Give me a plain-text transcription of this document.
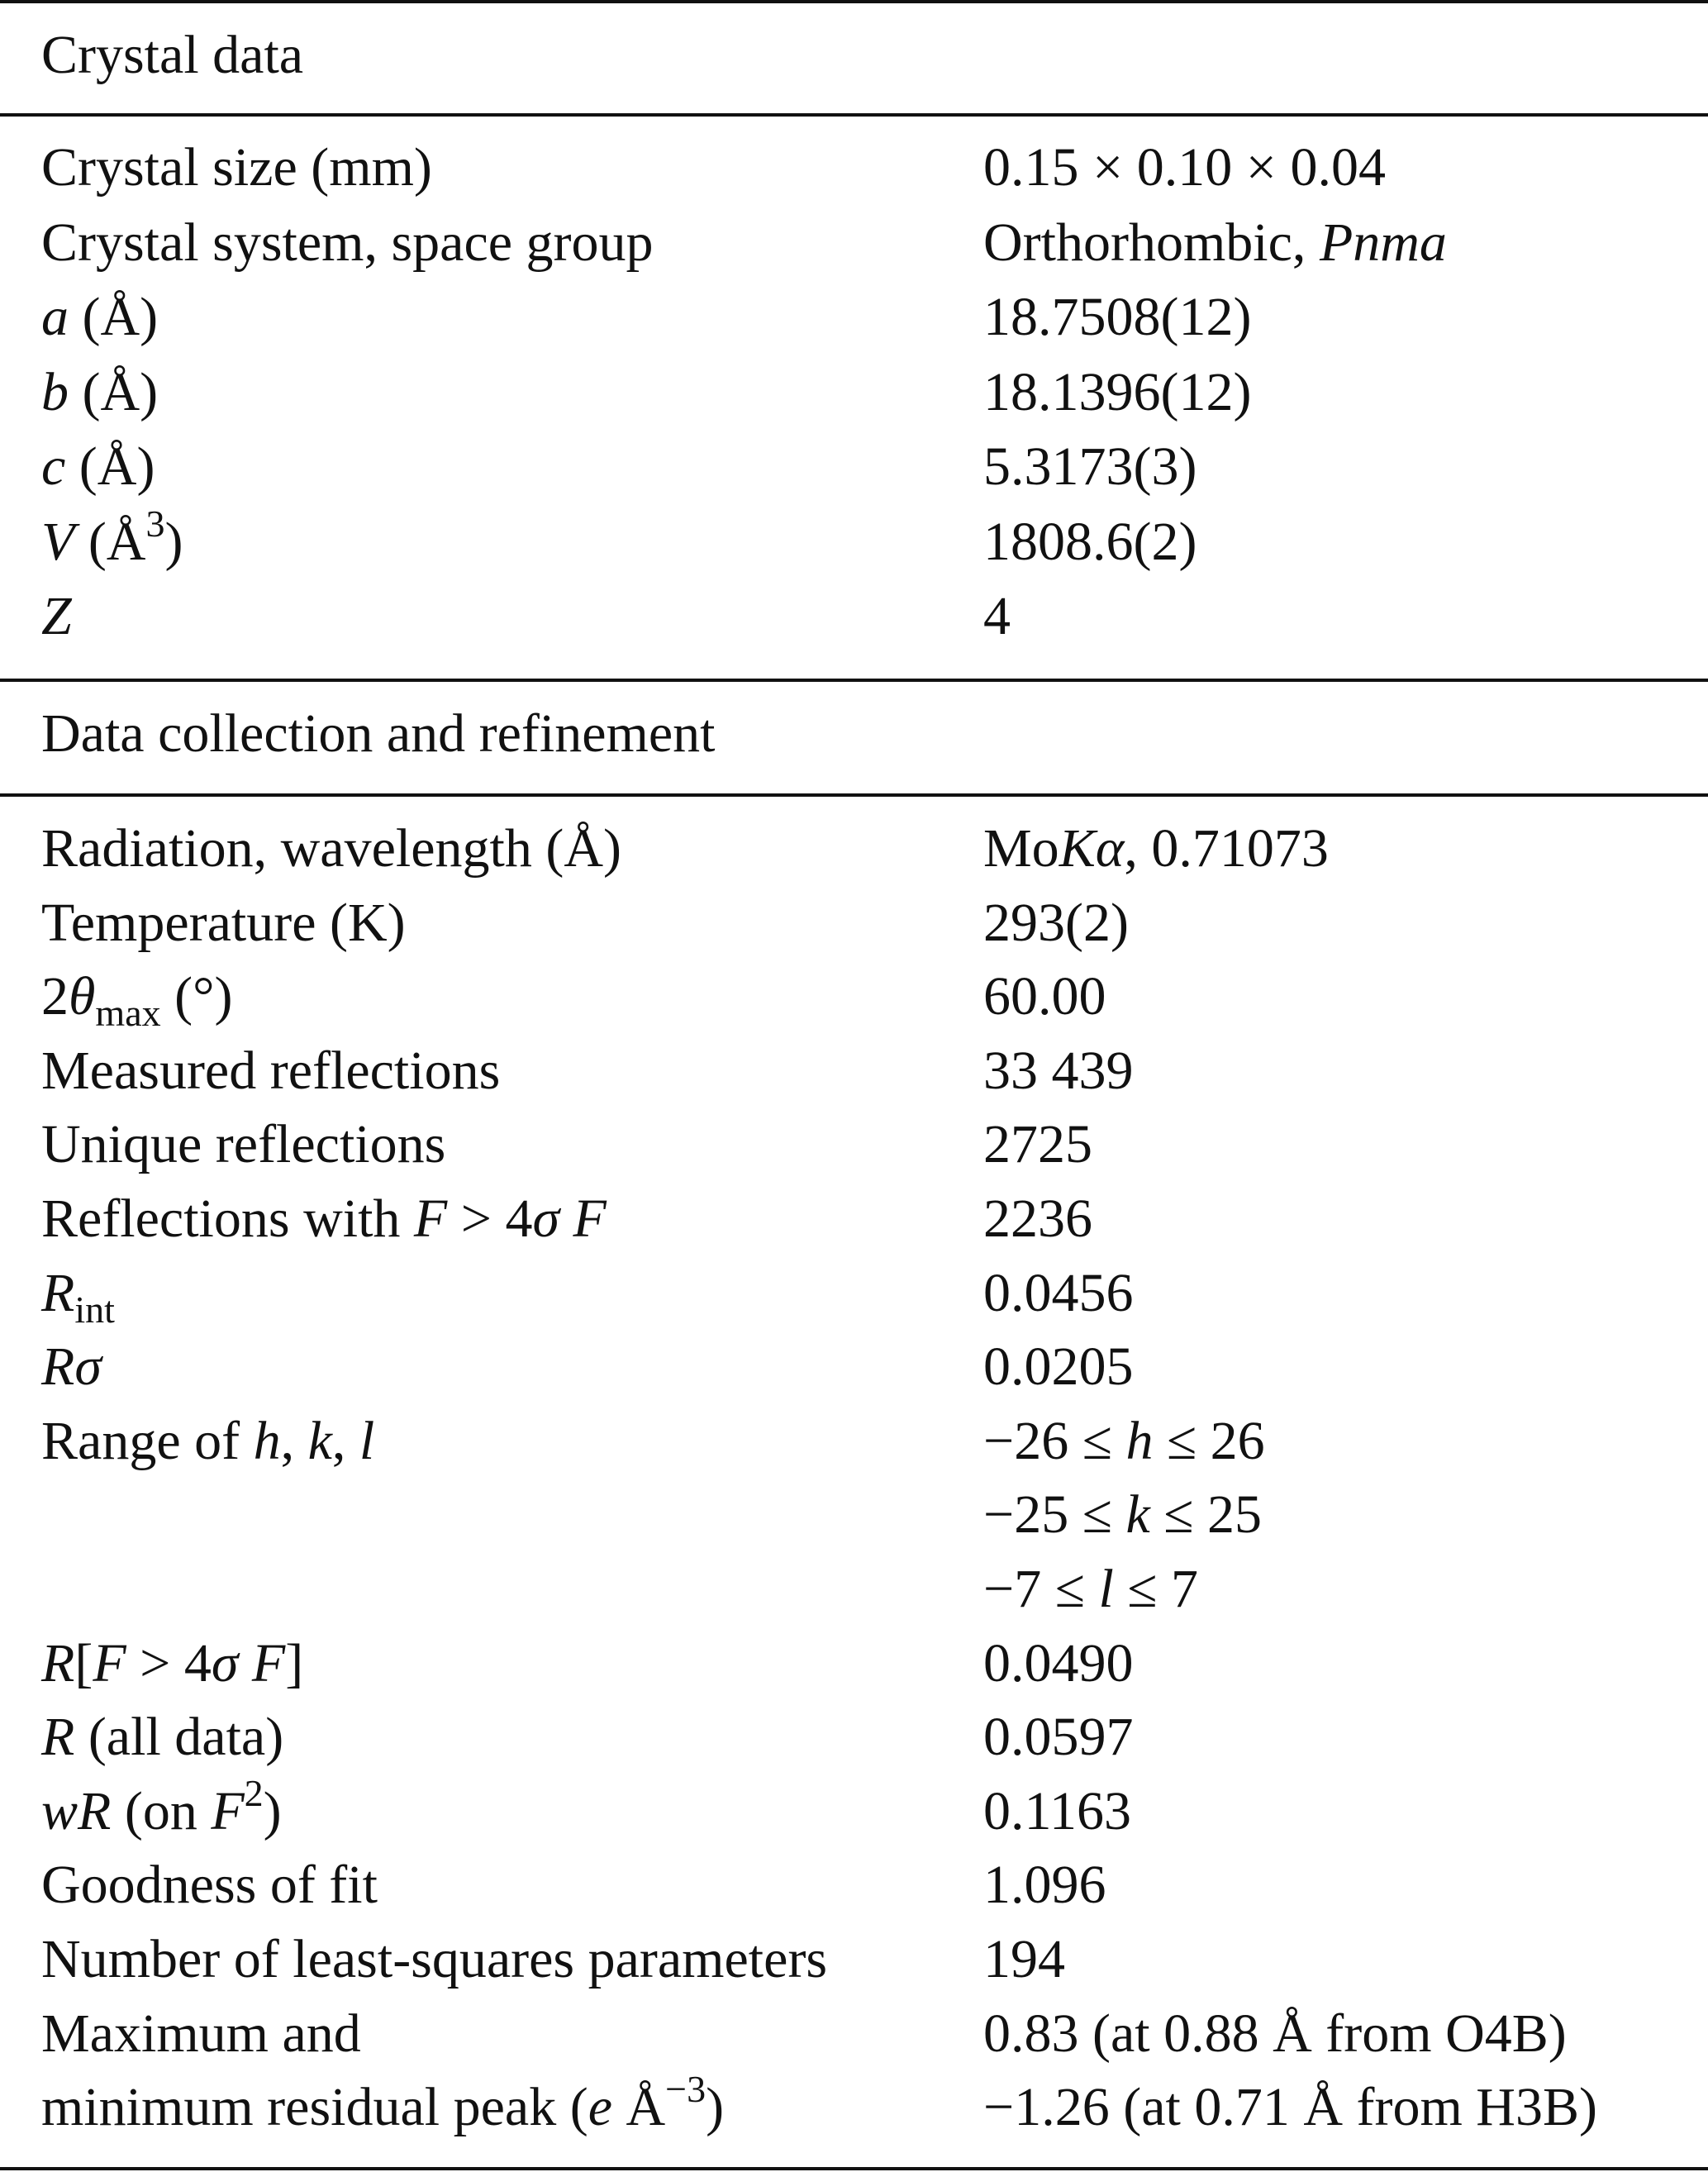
Crystal data
Crystal size (mm)	0.15 × 0.10 × 0.04
Crystal system, space group	Orthorhombic, Pnma
a (Å)	18.7508(12)
b (Å)	18.1396(12)
c (Å)	5.3173(3)
V $(Å^3)$	1808.6(2)
Z	4
Data collection and refinement
Radiation, wavelength (Å)	MoKα, 0.71073
Temperature (K)	293(2)
$2\theta_{max}$ (°)	60.00
Measured reflections	33 439
Unique reflections	2725
Reflections with F > 4σ F	2236
$R_{int}$	0.0456
Rσ	0.0205
Range of h, k, l	−26 ≤ h ≤ 26
−25 ≤ k ≤ 25
−7 ≤ l ≤ 7
R[F > 4σ F]	0.0490
R (all data)	0.0597
wR (on $F^2$)	0.1163
Goodness of fit	1.096
Number of least-squares parameters	194
Maximum and	0.83 (at 0.88 Å from O4B)
minimum residual peak (e $Å^{-3}$)	−1.26 (at 0.71 Å from H3B)
